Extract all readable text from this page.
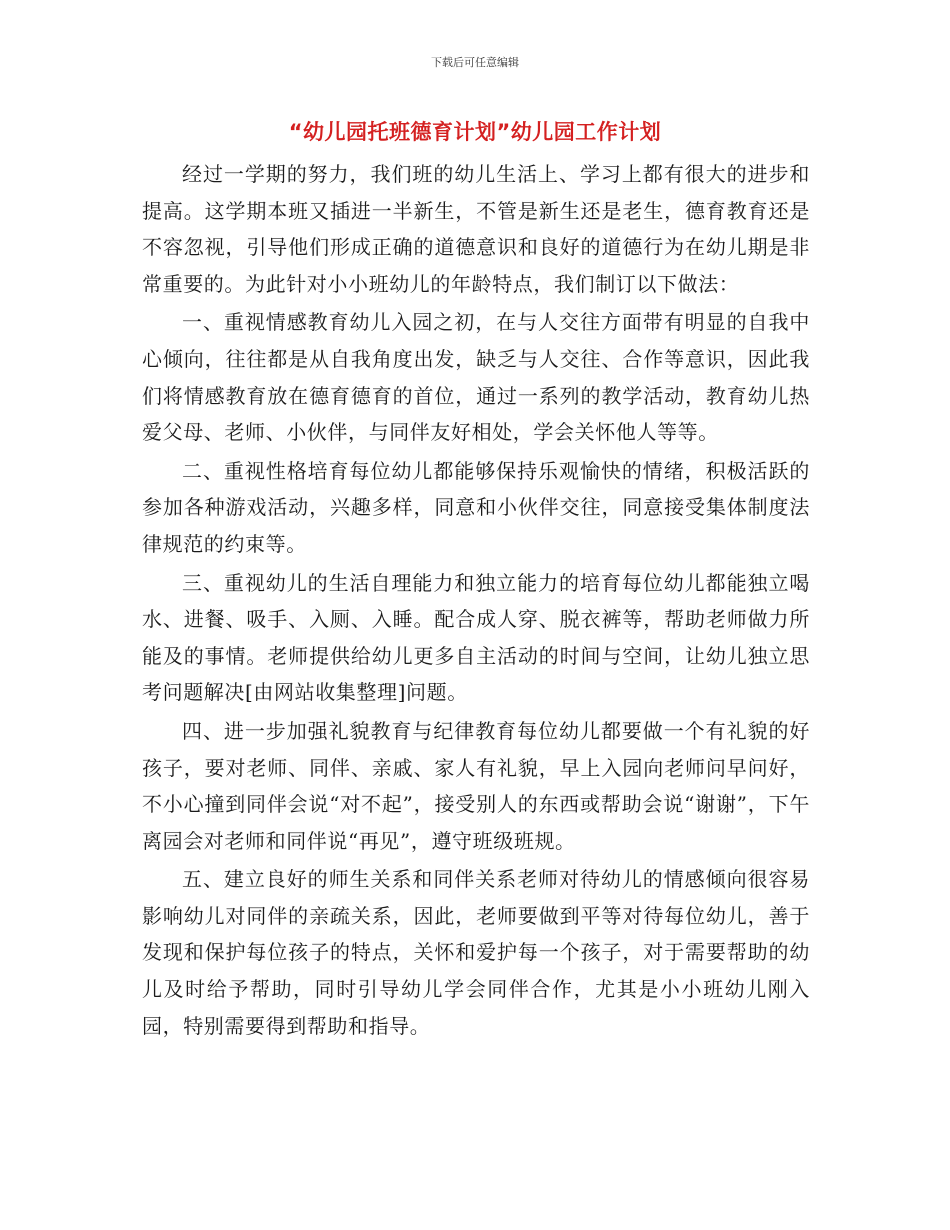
下载后可任意编辑
“幼儿园托班德育计划”幼儿园工作计划

经过一学期的努力，我们班的幼儿生活上、学习上都有很大的进步和提高。这学期本班又插进一半新生，不管是新生还是老生，德育教育还是不容忽视，引导他们形成正确的道德意识和良好的道德行为在幼儿期是非常重要的。为此针对小小班幼儿的年龄特点，我们制订以下做法：

一、重视情感教育幼儿入园之初，在与人交往方面带有明显的自我中心倾向，往往都是从自我角度出发，缺乏与人交往、合作等意识，因此我们将情感教育放在德育德育的首位，通过一系列的教学活动，教育幼儿热爱父母、老师、小伙伴，与同伴友好相处，学会关怀他人等等。

二、重视性格培育每位幼儿都能够保持乐观愉快的情绪，积极活跃的参加各种游戏活动，兴趣多样，同意和小伙伴交往，同意接受集体制度法律规范的约束等。

三、重视幼儿的生活自理能力和独立能力的培育每位幼儿都能独立喝水、进餐、吸手、入厕、入睡。配合成人穿、脱衣裤等，帮助老师做力所能及的事情。老师提供给幼儿更多自主活动的时间与空间，让幼儿独立思考问题解决[由网站收集整理]问题。

四、进一步加强礼貌教育与纪律教育每位幼儿都要做一个有礼貌的好孩子，要对老师、同伴、亲戚、家人有礼貌，早上入园向老师问早问好，不小心撞到同伴会说“对不起”，接受别人的东西或帮助会说“谢谢”，下午离园会对老师和同伴说“再见”，遵守班级班规。

五、建立良好的师生关系和同伴关系老师对待幼儿的情感倾向很容易影响幼儿对同伴的亲疏关系，因此，老师要做到平等对待每位幼儿，善于发现和保护每位孩子的特点，关怀和爱护每一个孩子，对于需要帮助的幼儿及时给予帮助，同时引导幼儿学会同伴合作，尤其是小小班幼儿刚入园，特别需要得到帮助和指导。
